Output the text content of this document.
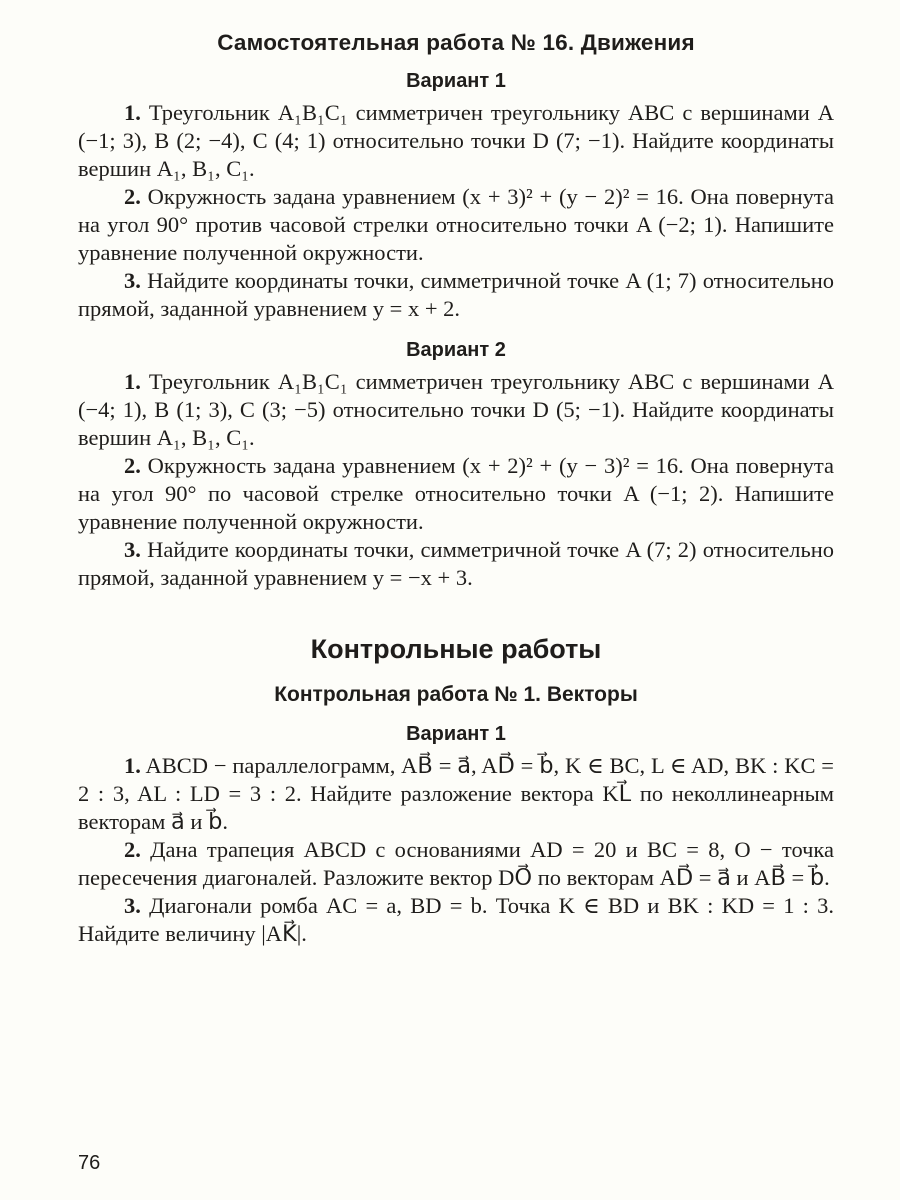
Самостоятельная работа № 16. Движения
Вариант 1

1. Треугольник A₁B₁C₁ симметричен треугольнику ABC с вершинами A (−1; 3), B (2; −4), C (4; 1) относительно точки D (7; −1). Найдите координаты вершин A₁, B₁, C₁.

2. Окружность задана уравнением (x + 3)² + (y − 2)² = 16. Она повернута на угол 90° против часовой стрелки относительно точки A (−2; 1). Напишите уравнение полученной окружности.

3. Найдите координаты точки, симметричной точке A (1; 7) относительно прямой, заданной уравнением y = x + 2.

Вариант 2

1. Треугольник A₁B₁C₁ симметричен треугольнику ABC с вершинами A (−4; 1), B (1; 3), C (3; −5) относительно точки D (5; −1). Найдите координаты вершин A₁, B₁, C₁.

2. Окружность задана уравнением (x + 2)² + (y − 3)² = 16. Она повернута на угол 90° по часовой стрелке относительно точки A (−1; 2). Напишите уравнение полученной окружности.

3. Найдите координаты точки, симметричной точке A (7; 2) относительно прямой, заданной уравнением y = −x + 3.

Контрольные работы
Контрольная работа № 1. Векторы
Вариант 1

1. ABCD − параллелограмм, AB⃗ = a⃗, AD⃗ = b⃗, K ∈ BC, L ∈ AD, BK : KC = 2 : 3, AL : LD = 3 : 2. Найдите разложение вектора KL⃗ по неколлинеарным векторам a⃗ и b⃗.

2. Дана трапеция ABCD с основаниями AD = 20 и BC = 8, O − точка пересечения диагоналей. Разложите вектор DO⃗ по векторам AD⃗ = a⃗ и AB⃗ = b⃗.

3. Диагонали ромба AC = a, BD = b. Точка K ∈ BD и BK : KD = 1 : 3. Найдите величину |AK⃗|.

76
